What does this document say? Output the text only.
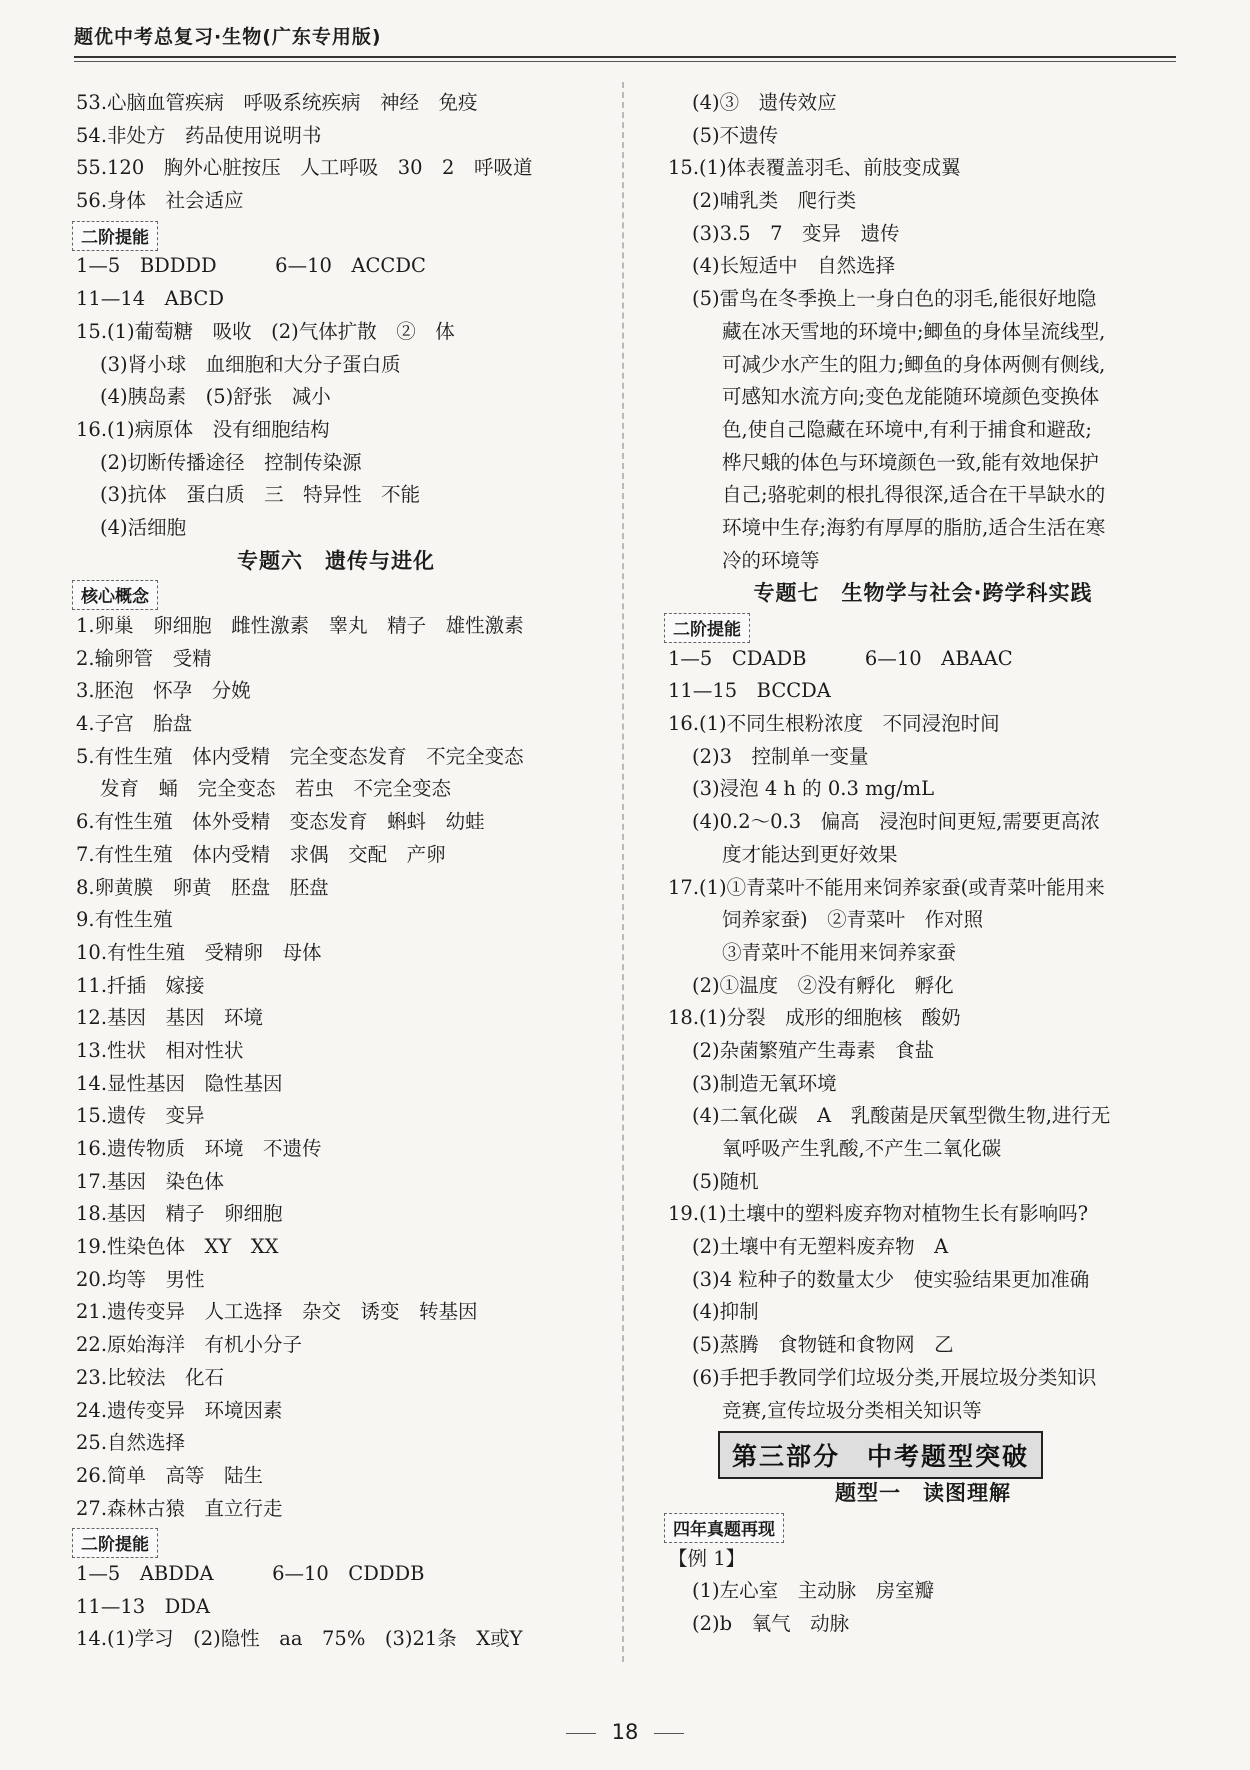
题优中考总复习·生物(广东专用版)
53.心脑血管疾病　呼吸系统疾病　神经　免疫
54.非处方　药品使用说明书
55.120　胸外心脏按压　人工呼吸　30　2　呼吸道
56.身体　社会适应
二阶提能
1—5　BDDDD　　　6—10　ACCDC
11—14　ABCD
15.(1)葡萄糖　吸收　(2)气体扩散　②　体
(3)肾小球　血细胞和大分子蛋白质
(4)胰岛素　(5)舒张　减小
16.(1)病原体　没有细胞结构
(2)切断传播途径　控制传染源
(3)抗体　蛋白质　三　特异性　不能
(4)活细胞
专题六　遗传与进化
核心概念
1.卵巢　卵细胞　雌性激素　睾丸　精子　雄性激素
2.输卵管　受精
3.胚泡　怀孕　分娩
4.子宫　胎盘
5.有性生殖　体内受精　完全变态发育　不完全变态
发育　蛹　完全变态　若虫　不完全变态
6.有性生殖　体外受精　变态发育　蝌蚪　幼蛙
7.有性生殖　体内受精　求偶　交配　产卵
8.卵黄膜　卵黄　胚盘　胚盘
9.有性生殖
10.有性生殖　受精卵　母体
11.扦插　嫁接
12.基因　基因　环境
13.性状　相对性状
14.显性基因　隐性基因
15.遗传　变异
16.遗传物质　环境　不遗传
17.基因　染色体
18.基因　精子　卵细胞
19.性染色体　XY　XX
20.均等　男性
21.遗传变异　人工选择　杂交　诱变　转基因
22.原始海洋　有机小分子
23.比较法　化石
24.遗传变异　环境因素
25.自然选择
26.简单　高等　陆生
27.森林古猿　直立行走
二阶提能
1—5　ABDDA　　　6—10　CDDDB
11—13　DDA
14.(1)学习　(2)隐性　aa　75%　(3)21条　X或Y
(4)③　遗传效应
(5)不遗传
15.(1)体表覆盖羽毛、前肢变成翼
(2)哺乳类　爬行类
(3)3.5　7　变异　遗传
(4)长短适中　自然选择
(5)雷鸟在冬季换上一身白色的羽毛,能很好地隐
藏在冰天雪地的环境中;鲫鱼的身体呈流线型,
可减少水产生的阻力;鲫鱼的身体两侧有侧线,
可感知水流方向;变色龙能随环境颜色变换体
色,使自己隐藏在环境中,有利于捕食和避敌;
桦尺蛾的体色与环境颜色一致,能有效地保护
自己;骆驼刺的根扎得很深,适合在干旱缺水的
环境中生存;海豹有厚厚的脂肪,适合生活在寒
冷的环境等
专题七　生物学与社会·跨学科实践
二阶提能
1—5　CDADB　　　6—10　ABAAC
11—15　BCCDA
16.(1)不同生根粉浓度　不同浸泡时间
(2)3　控制单一变量
(3)浸泡 4 h 的 0.3 mg/mL
(4)0.2～0.3　偏高　浸泡时间更短,需要更高浓
度才能达到更好效果
17.(1)①青菜叶不能用来饲养家蚕(或青菜叶能用来
饲养家蚕)　②青菜叶　作对照
③青菜叶不能用来饲养家蚕
(2)①温度　②没有孵化　孵化
18.(1)分裂　成形的细胞核　酸奶
(2)杂菌繁殖产生毒素　食盐
(3)制造无氧环境
(4)二氧化碳　A　乳酸菌是厌氧型微生物,进行无
氧呼吸产生乳酸,不产生二氧化碳
(5)随机
19.(1)土壤中的塑料废弃物对植物生长有影响吗?
(2)土壤中有无塑料废弃物　A
(3)4 粒种子的数量太少　使实验结果更加准确
(4)抑制
(5)蒸腾　食物链和食物网　乙
(6)手把手教同学们垃圾分类,开展垃圾分类知识
竞赛,宣传垃圾分类相关知识等
第三部分　中考题型突破
题型一　读图理解
四年真题再现
【例 1】
(1)左心室　主动脉　房室瓣
(2)b　氧气　动脉
18
